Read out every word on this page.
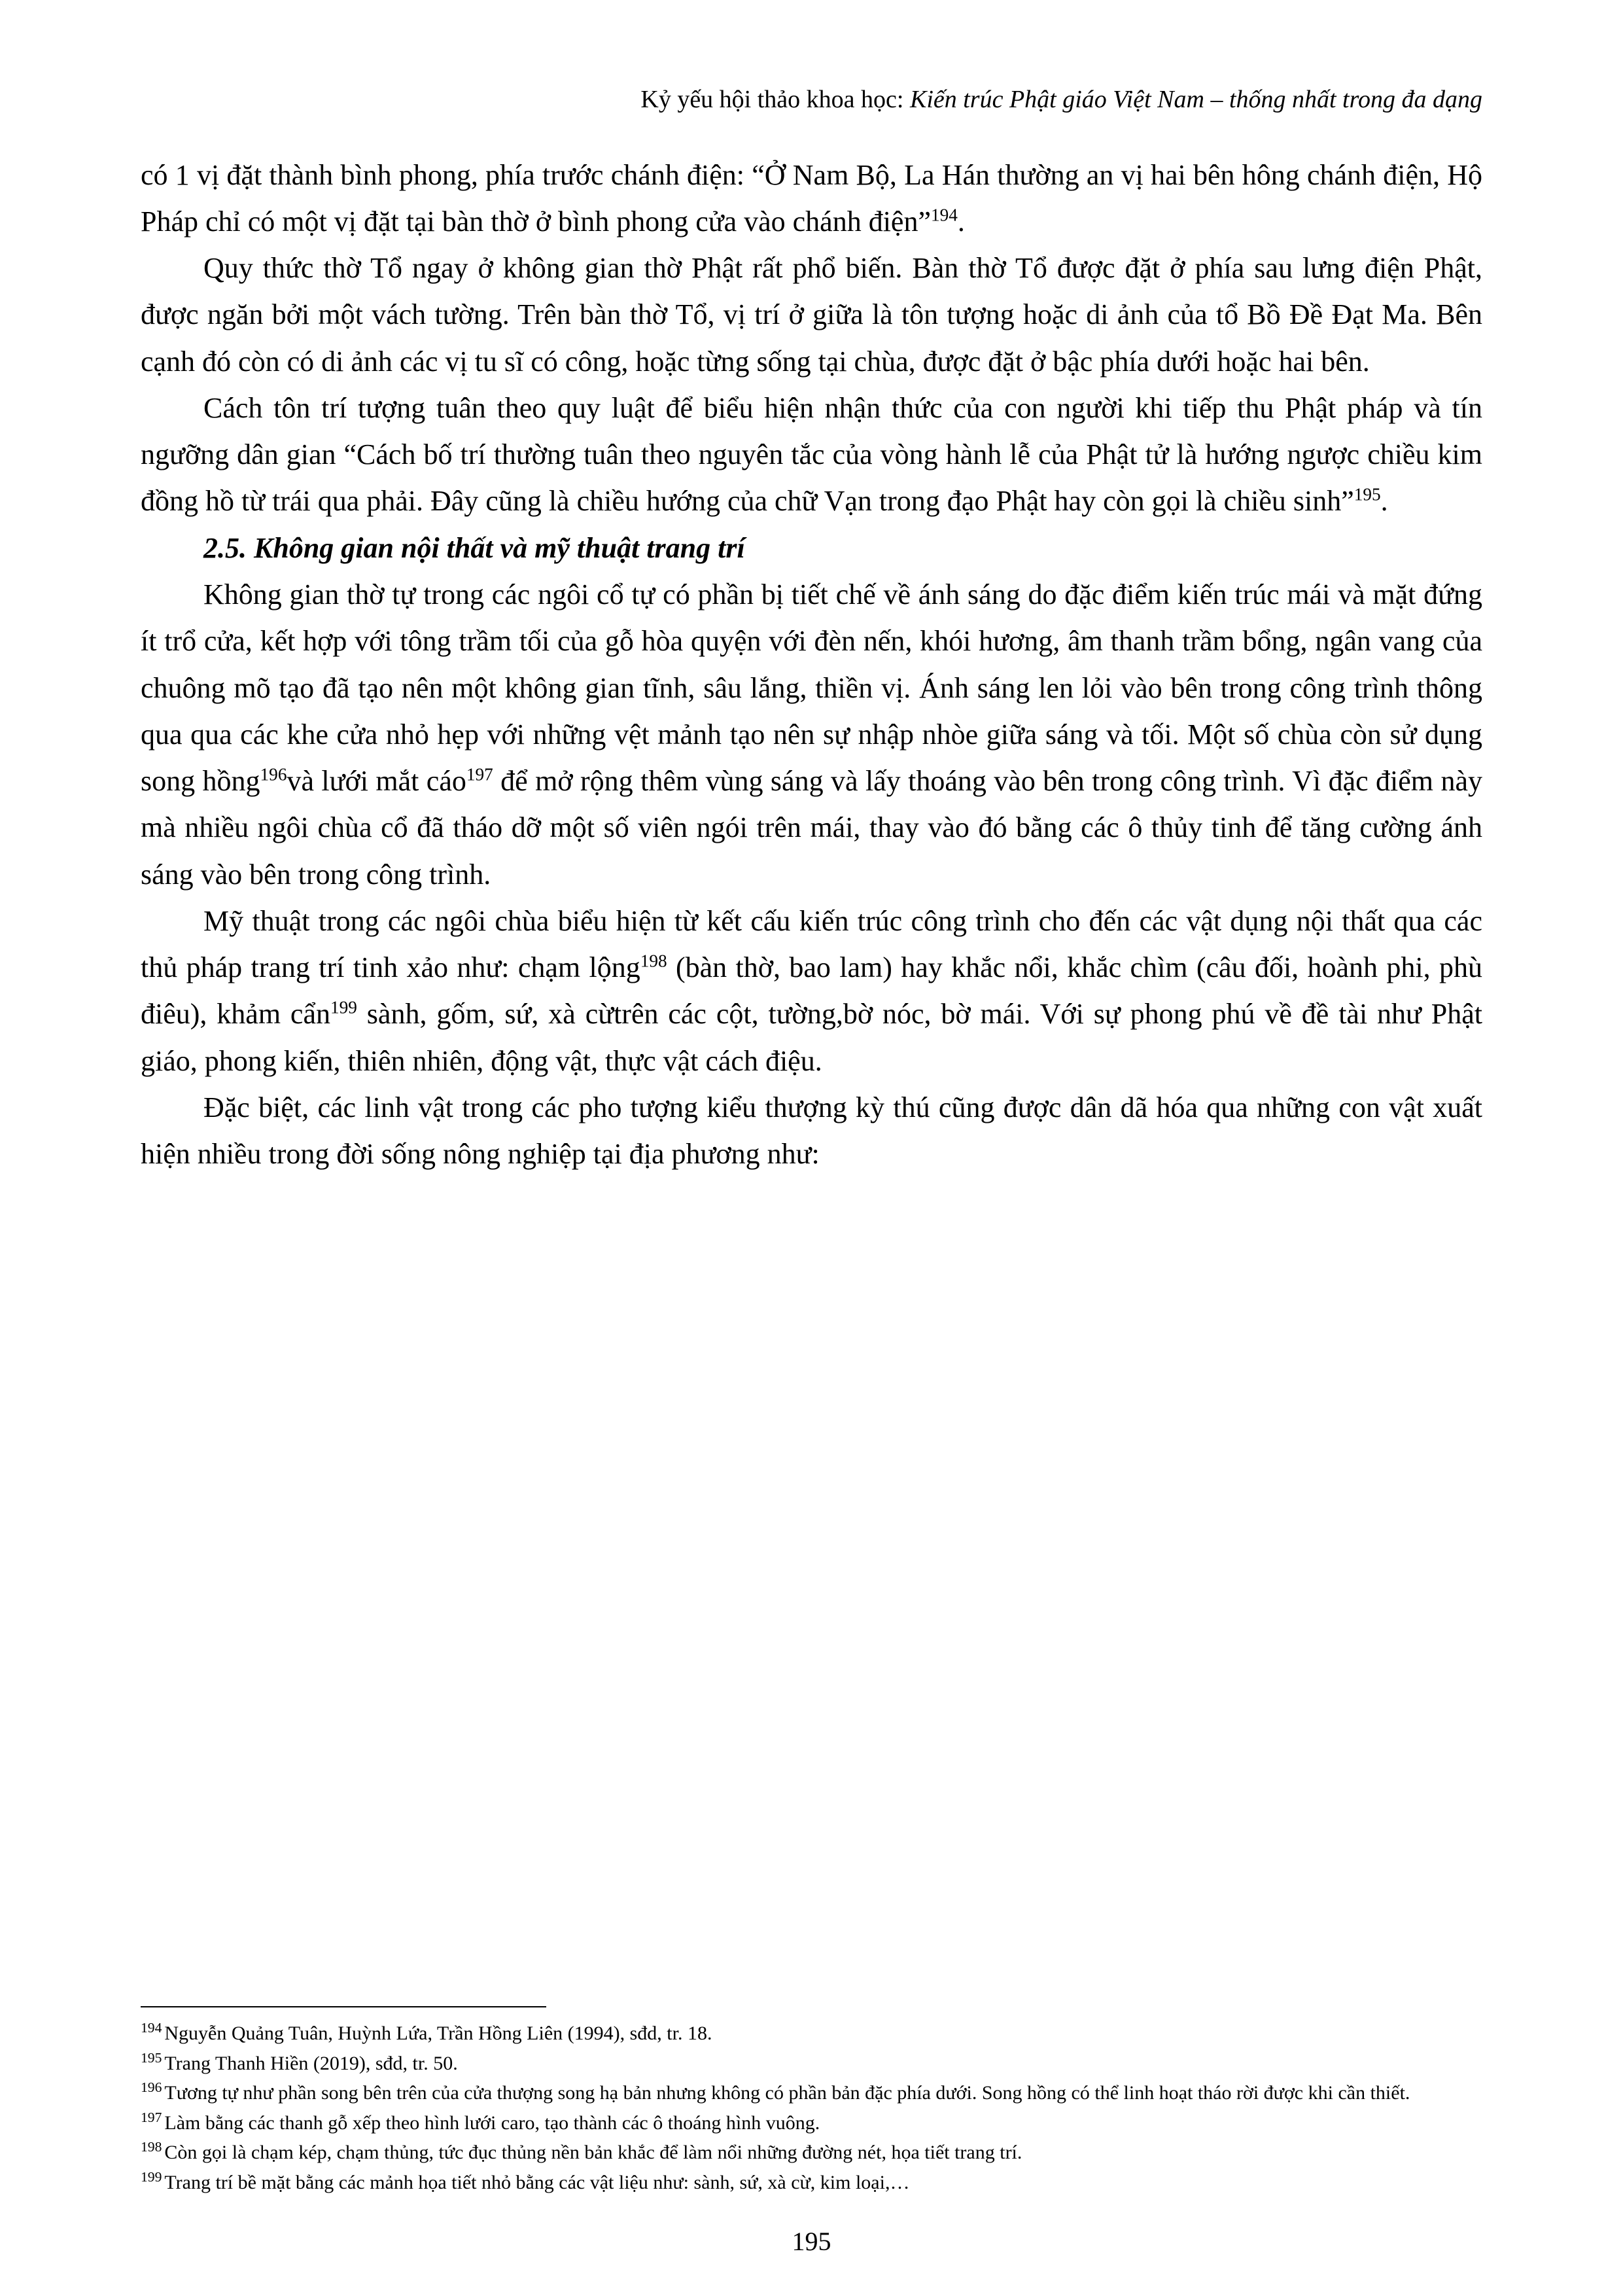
Kỷ yếu hội thảo khoa học: Kiến trúc Phật giáo Việt Nam – thống nhất trong đa dạng

có 1 vị đặt thành bình phong, phía trước chánh điện: “Ở Nam Bộ, La Hán thường an vị hai bên hông chánh điện, Hộ Pháp chỉ có một vị đặt tại bàn thờ ở bình phong cửa vào chánh điện”$^{194}$.

Quy thức thờ Tổ ngay ở không gian thờ Phật rất phổ biến. Bàn thờ Tổ được đặt ở phía sau lưng điện Phật, được ngăn bởi một vách tường. Trên bàn thờ Tổ, vị trí ở giữa là tôn tượng hoặc di ảnh của tổ Bồ Đề Đạt Ma. Bên cạnh đó còn có di ảnh các vị tu sĩ có công, hoặc từng sống tại chùa, được đặt ở bậc phía dưới hoặc hai bên.

Cách tôn trí tượng tuân theo quy luật để biểu hiện nhận thức của con người khi tiếp thu Phật pháp và tín ngưỡng dân gian “Cách bố trí thường tuân theo nguyên tắc của vòng hành lễ của Phật tử là hướng ngược chiều kim đồng hồ từ trái qua phải. Đây cũng là chiều hướng của chữ Vạn trong đạo Phật hay còn gọi là chiều sinh”$^{195}$.

2.5. Không gian nội thất và mỹ thuật trang trí

Không gian thờ tự trong các ngôi cổ tự có phần bị tiết chế về ánh sáng do đặc điểm kiến trúc mái và mặt đứng ít trổ cửa, kết hợp với tông trầm tối của gỗ hòa quyện với đèn nến, khói hương, âm thanh trầm bổng, ngân vang của chuông mõ tạo đã tạo nên một không gian tĩnh, sâu lắng, thiền vị. Ánh sáng len lỏi vào bên trong công trình thông qua qua các khe cửa nhỏ hẹp với những vệt mảnh tạo nên sự nhập nhòe giữa sáng và tối. Một số chùa còn sử dụng song hồng$^{196}$và lưới mắt cáo$^{197}$ để mở rộng thêm vùng sáng và lấy thoáng vào bên trong công trình. Vì đặc điểm này mà nhiều ngôi chùa cổ đã tháo dỡ một số viên ngói trên mái, thay vào đó bằng các ô thủy tinh để tăng cường ánh sáng vào bên trong công trình.

Mỹ thuật trong các ngôi chùa biểu hiện từ kết cấu kiến trúc công trình cho đến các vật dụng nội thất qua các thủ pháp trang trí tinh xảo như: chạm lộng$^{198}$ (bàn thờ, bao lam) hay khắc nổi, khắc chìm (câu đối, hoành phi, phù điêu), khảm cẩn$^{199}$ sành, gốm, sứ, xà cừtrên các cột, tường,bờ nóc, bờ mái. Với sự phong phú về đề tài như Phật giáo, phong kiến, thiên nhiên, động vật, thực vật cách điệu.

Đặc biệt, các linh vật trong các pho tượng kiểu thượng kỳ thú cũng được dân dã hóa qua những con vật xuất hiện nhiều trong đời sống nông nghiệp tại địa phương như:

$^{194}$ Nguyễn Quảng Tuân, Huỳnh Lứa, Trần Hồng Liên (1994), sđd, tr. 18.
$^{195}$ Trang Thanh Hiền (2019), sđd, tr. 50.
$^{196}$ Tương tự như phần song bên trên của cửa thượng song hạ bản nhưng không có phần bản đặc phía dưới. Song hồng có thể linh hoạt tháo rời được khi cần thiết.
$^{197}$ Làm bằng các thanh gỗ xếp theo hình lưới caro, tạo thành các ô thoáng hình vuông.
$^{198}$ Còn gọi là chạm kép, chạm thủng, tức đục thủng nền bản khắc để làm nổi những đường nét, họa tiết trang trí.
$^{199}$ Trang trí bề mặt bằng các mảnh họa tiết nhỏ bằng các vật liệu như: sành, sứ, xà cừ, kim loại,…
195
